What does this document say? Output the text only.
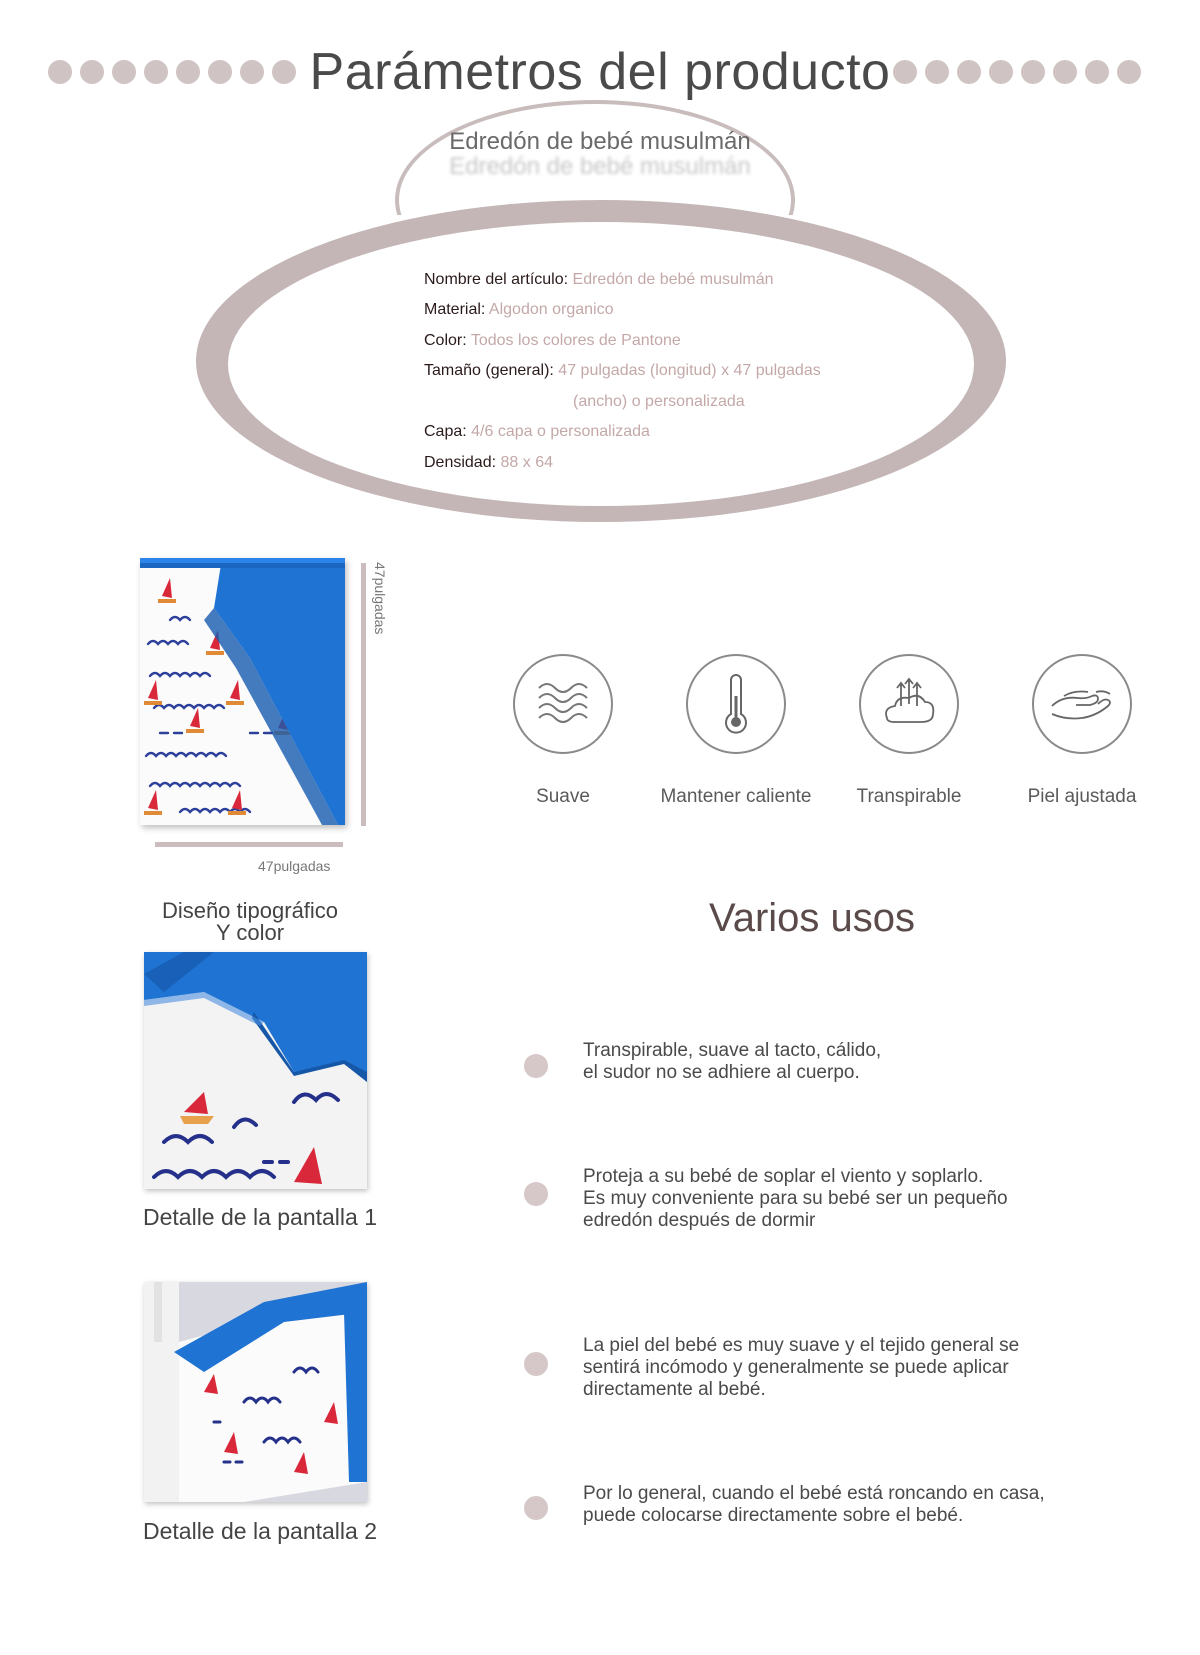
Parámetros del producto
Edredón de bebé musulmán
Edredón de bebé musulmán
Nombre del artículo: Edredón de bebé musulmán
Material: Algodon organico
Color: Todos los colores de Pantone
Tamaño (general): 47 pulgadas (longitud) x 47 pulgadas
(ancho) o personalizada
Capa: 4/6 capa o personalizada
Densidad: 88 x 64
47pulgadas
47pulgadas
Suave	Mantener caliente	Transpirable	Piel ajustada
Diseño tipográfico
Y color
Detalle de la pantalla 1
Detalle de la pantalla 2
Varios usos
Transpirable, suave al tacto, cálido,
el sudor no se adhiere al cuerpo.
Proteja a su bebé de soplar el viento y soplarlo.
Es muy conveniente para su bebé ser un pequeño
edredón después de dormir
La piel del bebé es muy suave y el tejido general se
sentirá incómodo y generalmente se puede aplicar
directamente al bebé.
Por lo general, cuando el bebé está roncando en casa,
puede colocarse directamente sobre el bebé.
